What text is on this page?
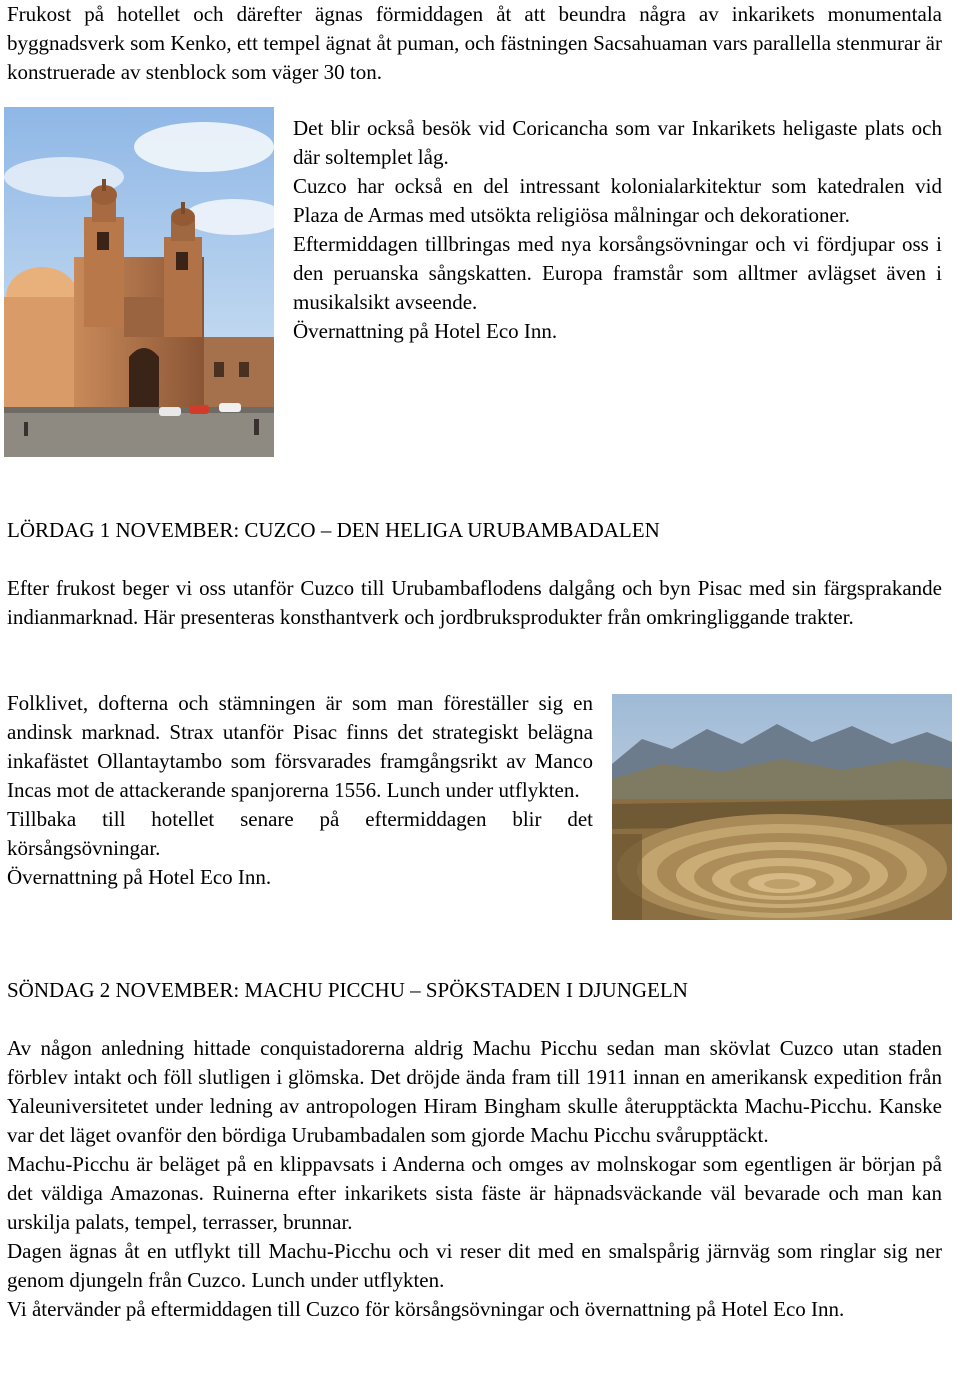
Frukost på hotellet och därefter ägnas förmiddagen åt att beundra några av inkarikets monumentala byggnadsverk som Kenko, ett tempel ägnat åt puman, och fästningen Sacsahuaman vars parallella stenmurar är konstruerade av stenblock som väger 30 ton.

Det blir också besök vid Coricancha som var Inkarikets heligaste plats och där soltemplet låg.

Cuzco har också en del intressant kolonialarkitektur som katedralen vid Plaza de Armas med utsökta religiösa målningar och dekorationer.

Eftermiddagen tillbringas med nya korsångsövningar och vi fördjupar oss i den peruanska sångskatten. Europa framstår som alltmer avlägset även i musikalsikt avseende.

Övernattning på Hotel Eco Inn.

LÖRDAG 1 NOVEMBER: CUZCO – DEN HELIGA URUBAMBADALEN

Efter frukost beger vi oss utanför Cuzco till Urubambaflodens dalgång och byn Pisac med sin färgsprakande indianmarknad. Här presenteras konsthantverk och jordbruksprodukter från omkringliggande trakter.

Folklivet, dofterna och stämningen är som man föreställer sig en andinsk marknad. Strax utanför Pisac finns det strategiskt belägna inkafästet Ollantaytambo som försvarades framgångsrikt av Manco Incas mot de attackerande spanjorerna 1556. Lunch under utflykten.

Tillbaka till hotellet senare på eftermiddagen blir det körsångsövningar.

Övernattning på Hotel Eco Inn.

SÖNDAG 2 NOVEMBER: MACHU PICCHU – SPÖKSTADEN I DJUNGELN

Av någon anledning hittade conquistadorerna aldrig Machu Picchu sedan man skövlat Cuzco utan staden förblev intakt och föll slutligen i glömska. Det dröjde ända fram till 1911 innan en amerikansk expedition från Yaleuniversitetet under ledning av antropologen Hiram Bingham skulle återupptäckta Machu-Picchu. Kanske var det läget ovanför den bördiga Urubambadalen som gjorde Machu Picchu svårupptäckt.

Machu-Picchu är beläget på en klippavsats i Anderna och omges av molnskogar som egentligen är början på det väldiga Amazonas. Ruinerna efter inkarikets sista fäste är häpnadsväckande väl bevarade och man kan urskilja palats, tempel, terrasser, brunnar.

Dagen ägnas åt en utflykt till Machu-Picchu och vi reser dit med en smalspårig järnväg som ringlar sig ner genom djungeln från Cuzco. Lunch under utflykten.

Vi återvänder på eftermiddagen till Cuzco för körsångsövningar och övernattning på Hotel Eco Inn.
